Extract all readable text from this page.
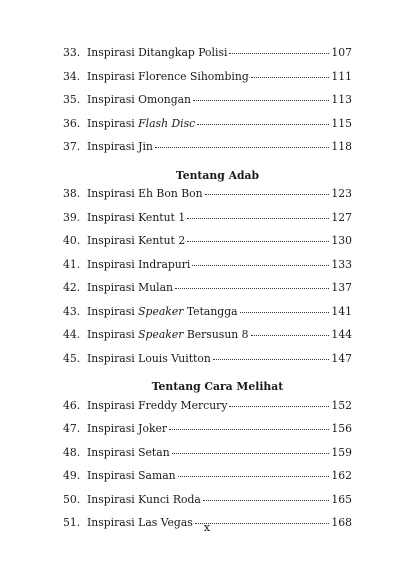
33. Inspirasi Ditangkap Polisi	107
34. Inspirasi Florence Sihombing	111
35. Inspirasi Omongan	113
36. Inspirasi Flash Disc	115
37. Inspirasi Jin	118
Tentang Adab
38. Inspirasi Eh Bon Bon	123
39. Inspirasi Kentut 1	127
40. Inspirasi Kentut 2	130
41. Inspirasi Indrapuri	133
42. Inspirasi Mulan	137
43. Inspirasi Speaker Tetangga	141
44. Inspirasi Speaker Bersusun 8	144
45. Inspirasi Louis Vuitton	147
Tentang Cara Melihat
46. Inspirasi Freddy Mercury	152
47. Inspirasi Joker	156
48. Inspirasi Setan	159
49. Inspirasi Saman	162
50. Inspirasi Kunci Roda	165
51. Inspirasi Las Vegas	168
x
